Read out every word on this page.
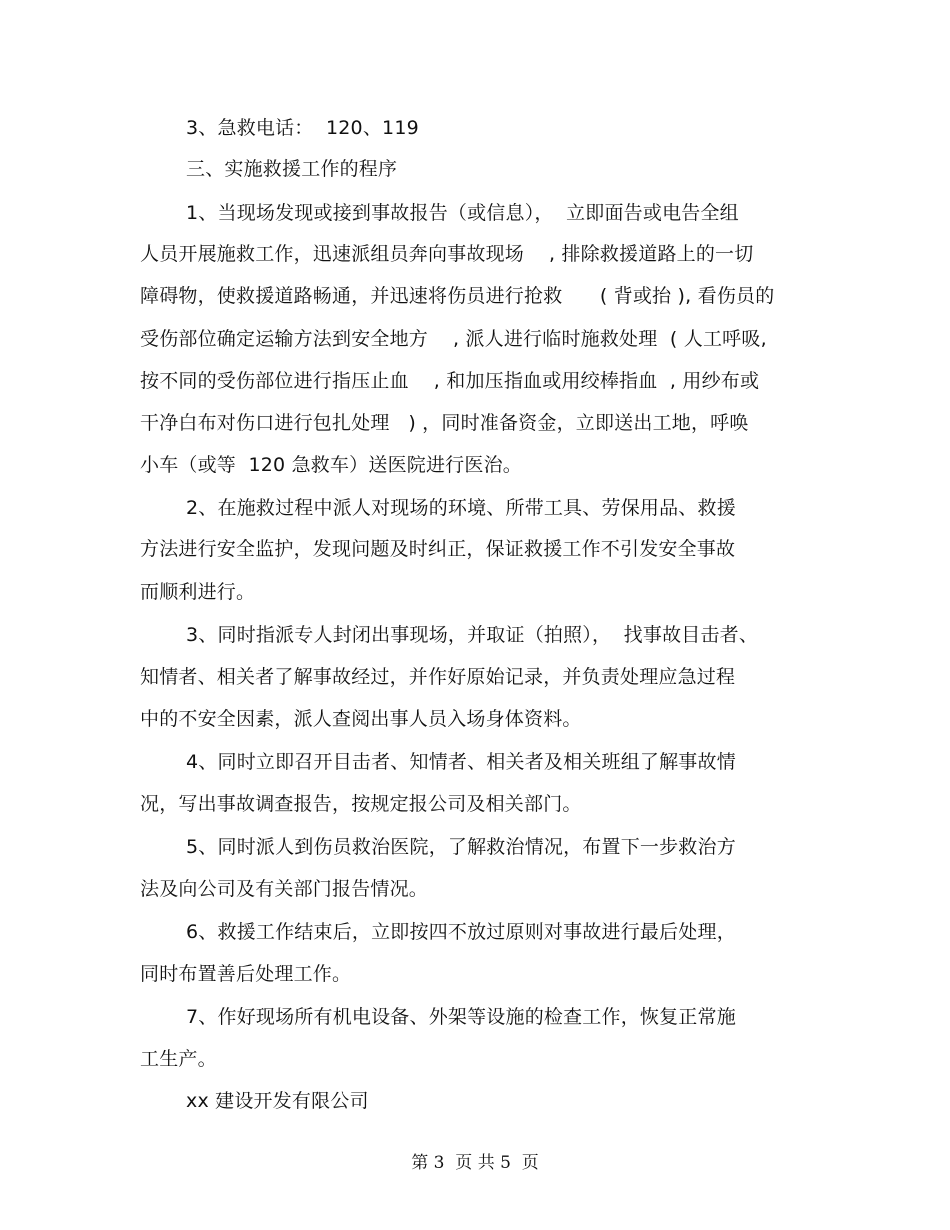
3、急救电话：  120、119
三、实施救援工作的程序
1、当现场发现或接到事故报告（或信息），  立即面告或电告全组
人员开展施救工作，迅速派组员奔向事故现场    , 排除救援道路上的一切
障碍物，使救援道路畅通，并迅速将伤员进行抢救      ( 背或抬 ), 看伤员的
受伤部位确定运输方法到安全地方    , 派人进行临时施救处理  ( 人工呼吸,
按不同的受伤部位进行指压止血    , 和加压指血或用绞棒指血  , 用纱布或
干净白布对伤口进行包扎处理   ) ，同时准备资金，立即送出工地，呼唤
小车（或等  120 急救车）送医院进行医治。
2、在施救过程中派人对现场的环境、所带工具、劳保用品、救援
方法进行安全监护，发现问题及时纠正，保证救援工作不引发安全事故
而顺利进行。
3、同时指派专人封闭出事现场，并取证（拍照），  找事故目击者、
知情者、相关者了解事故经过，并作好原始记录，并负责处理应急过程
中的不安全因素，派人查阅出事人员入场身体资料。
4、同时立即召开目击者、知情者、相关者及相关班组了解事故情
况，写出事故调查报告，按规定报公司及相关部门。
5、同时派人到伤员救治医院，了解救治情况，布置下一步救治方
法及向公司及有关部门报告情况。
6、救援工作结束后，立即按四不放过原则对事故进行最后处理，
同时布置善后处理工作。
7、作好现场所有机电设备、外架等设施的检查工作，恢复正常施
工生产。
xx 建设开发有限公司
第 3  页 共 5  页
